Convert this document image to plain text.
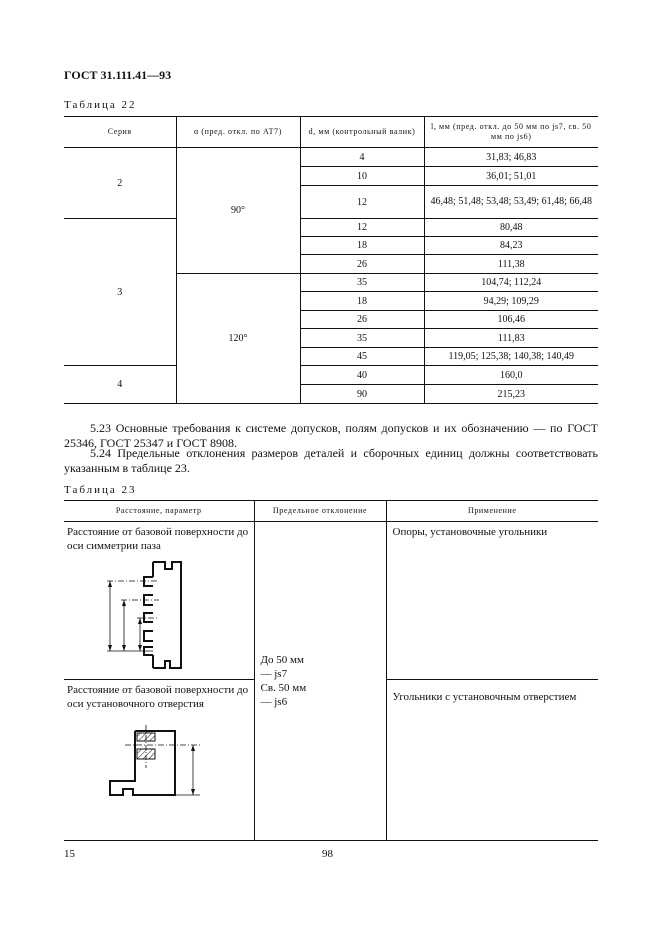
ГОСТ 31.111.41—93
Таблица 22
Серия	α (пред. откл. по АТ7)	d, мм (контрольный валик)	l, мм (пред. откл. до 50 мм по js7, св. 50 мм по js6)
2	90°	4	31,83; 46,83
		10	36,01; 51,01
		12	46,48; 51,48; 53,48; 53,49; 61,48; 66,48
3		12	80,48
		18	84,23
		26	111,38
	120°	35	104,74; 112,24
		18	94,29; 109,29
		26	106,46
		35	111,83
		45	119,05; 125,38; 140,38; 140,49
4		40	160,0
		90	215,23
5.23 Основные требования к системе допусков, полям допусков и их обозначению — по ГОСТ 25346, ГОСТ 25347 и ГОСТ 8908.
5.24 Предельные отклонения размеров деталей и сборочных единиц должны соответствовать указанным в таблице 23.
Таблица 23
Расстояние, параметр	Предельное отклонение	Применение

Расстояние от базовой поверхности до оси симметрии паза	До 50 мм
— js7
Св. 50 мм
— js6	Опоры, установочные угольники

Расстояние от базовой поверхности до оси установочного отверстия		Угольники с установочным отверстием
15	98
